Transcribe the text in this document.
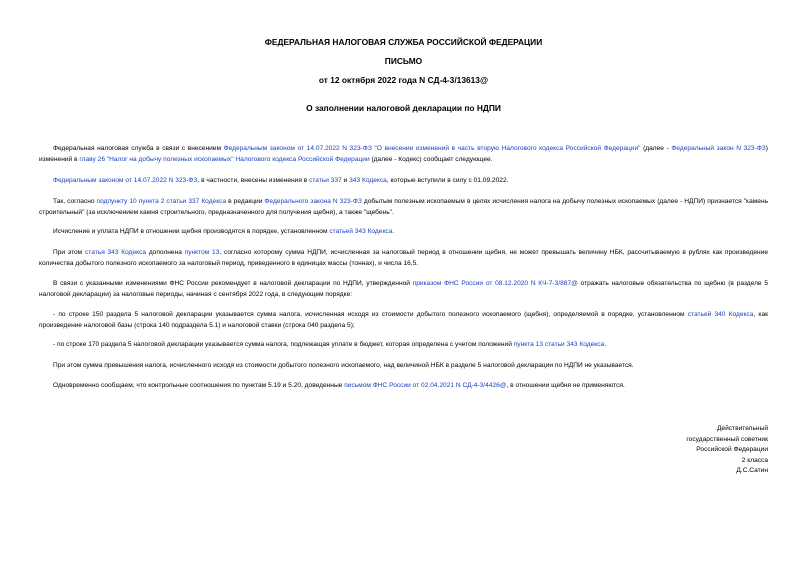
ФЕДЕРАЛЬНАЯ НАЛОГОВАЯ СЛУЖБА РОССИЙСКОЙ ФЕДЕРАЦИИ
ПИСЬМО
от 12 октября 2022 года N СД-4-3/13613@
О заполнении налоговой декларации по НДПИ

Федеральная налоговая служба в связи с внесением Федеральным законом от 14.07.2022 N 323-ФЗ "О внесении изменений в часть вторую Налогового кодекса Российской Федерации" (далее - Федеральный закон N 323-ФЗ) изменений в главу 26 "Налог на добычу полезных ископаемых" Налогового кодекса Российской Федерации (далее - Кодекс) сообщает следующее.

Федеральным законом от 14.07.2022 N 323-ФЗ, в частности, внесены изменения в статьи 337 и 343 Кодекса, которые вступили в силу с 01.09.2022.

Так, согласно подпункту 10 пункта 2 статьи 337 Кодекса в редакции Федерального закона N 323-ФЗ добытым полезным ископаемым в целях исчисления налога на добычу полезных ископаемых (далее - НДПИ) признается "камень строительный" (за исключением камня строительного, предназначенного для получения щебня), а также "щебень".

Исчисление и уплата НДПИ в отношении щебня производятся в порядке, установленном статьей 343 Кодекса.

При этом статья 343 Кодекса дополнена пунктом 13, согласно которому сумма НДПИ, исчисленная за налоговый период в отношении щебня, не может превышать величину НБК, рассчитываемую в рублях как произведение количества добытого полезного ископаемого за налоговый период, приведенного в единицах массы (тоннах), и числа 16,5.

В связи с указанными изменениями ФНС России рекомендует в налоговой декларации по НДПИ, утвержденной приказом ФНС России от 08.12.2020 N КЧ-7-3/887@ отражать налоговые обязательства по щебню (в разделе 5 налоговой декларации) за налоговые периоды, начиная с сентября 2022 года, в следующем порядке:

- по строке 150 раздела 5 налоговой декларации указывается сумма налога, исчисленная исходя из стоимости добытого полезного ископаемого (щебня), определяемой в порядке, установленном статьей 340 Кодекса, как произведение налоговой базы (строка 140 подраздела 5.1) и налоговой ставки (строка 040 раздела 5);

- по строке 170 раздела 5 налоговой декларации указывается сумма налога, подлежащая уплате в бюджет, которая определена с учетом положений пункта 13 статьи 343 Кодекса.

При этом сумма превышения налога, исчисленного исходя из стоимости добытого полезного ископаемого, над величиной НБК в разделе 5 налоговой декларации по НДПИ не указывается.

Одновременно сообщаем, что контрольные соотношения по пунктам 5.19 и 5.20, доведенные письмом ФНС России от 02.04.2021 N СД-4-3/4426@, в отношении щебня не применяются.

Действительный
государственный советник
Российской Федерации
2 класса
Д.С.Сатин
